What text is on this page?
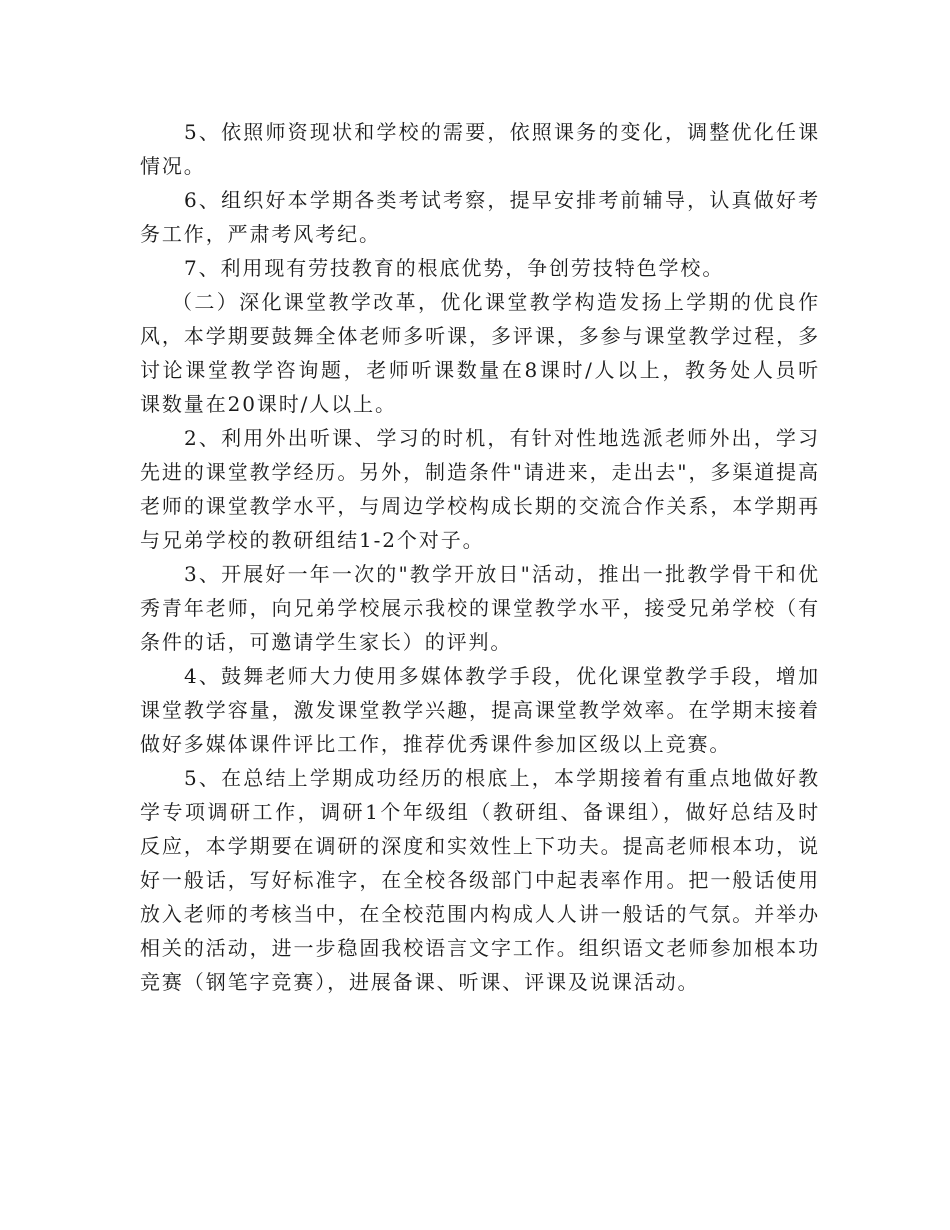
5、依照师资现状和学校的需要，依照课务的变化，调整优化任课情况。

6、组织好本学期各类考试考察，提早安排考前辅导，认真做好考务工作，严肃考风考纪。

7、利用现有劳技教育的根底优势，争创劳技特色学校。

（二）深化课堂教学改革，优化课堂教学构造发扬上学期的优良作风，本学期要鼓舞全体老师多听课，多评课，多参与课堂教学过程，多讨论课堂教学咨询题，老师听课数量在8课时/人以上，教务处人员听课数量在20课时/人以上。

2、利用外出听课、学习的时机，有针对性地选派老师外出，学习先进的课堂教学经历。另外，制造条件"请进来，走出去"，多渠道提高老师的课堂教学水平，与周边学校构成长期的交流合作关系，本学期再与兄弟学校的教研组结1-2个对子。

3、开展好一年一次的"教学开放日"活动，推出一批教学骨干和优秀青年老师，向兄弟学校展示我校的课堂教学水平，接受兄弟学校（有条件的话，可邀请学生家长）的评判。

4、鼓舞老师大力使用多媒体教学手段，优化课堂教学手段，增加课堂教学容量，激发课堂教学兴趣，提高课堂教学效率。在学期末接着做好多媒体课件评比工作，推荐优秀课件参加区级以上竞赛。

5、在总结上学期成功经历的根底上，本学期接着有重点地做好教学专项调研工作，调研1个年级组（教研组、备课组），做好总结及时反应，本学期要在调研的深度和实效性上下功夫。提高老师根本功，说好一般话，写好标准字，在全校各级部门中起表率作用。把一般话使用放入老师的考核当中，在全校范围内构成人人讲一般话的气氛。并举办相关的活动，进一步稳固我校语言文字工作。组织语文老师参加根本功竞赛（钢笔字竞赛），进展备课、听课、评课及说课活动。
